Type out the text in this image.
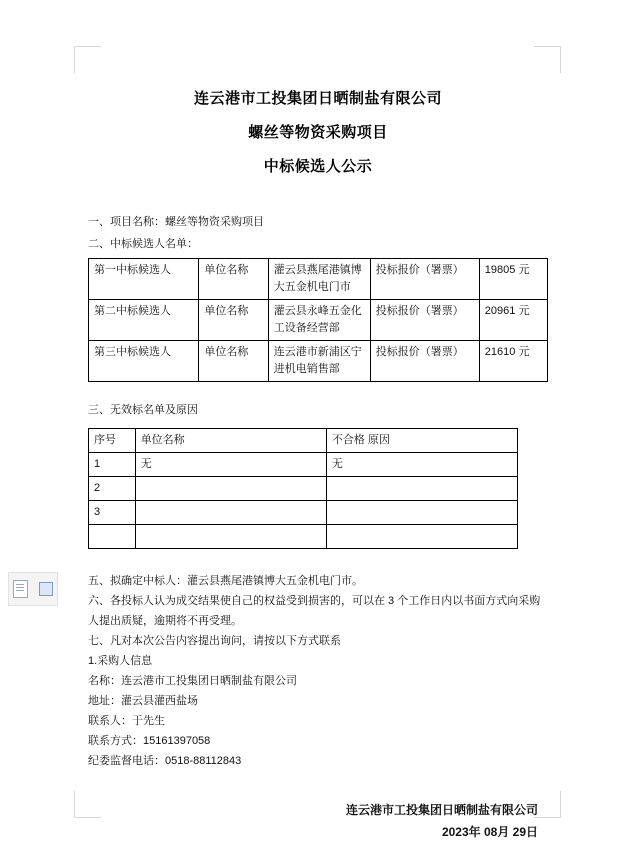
连云港市工投集团日晒制盐有限公司
螺丝等物资采购项目
中标候选人公示

一、项目名称：螺丝等物资采购项目

二、中标候选人名单：

第一中标候选人	单位名称	灌云县燕尾港镇博大五金机电门市	投标报价（署票）	19805 元
第二中标候选人	单位名称	灌云县永峰五金化工设备经营部	投标报价（署票）	20961 元
第三中标候选人	单位名称	连云港市新浦区宁进机电销售部	投标报价（署票）	21610 元

三、无效标名单及原因

序号	单位名称	不合格 原因
1	无	无
2		
3		

五、拟确定中标人：灌云县燕尾港镇博大五金机电门市。

六、各投标人认为成交结果使自己的权益受到损害的，可以在 3 个工作日内以书面方式向采购人提出质疑，逾期将不再受理。

七、凡对本次公告内容提出询问，请按以下方式联系

1.采购人信息

名称：连云港市工投集团日晒制盐有限公司

地址：灌云县灌西盐场

联系人：于先生

联系方式：15161397058

纪委监督电话：0518-88112843

连云港市工投集团日晒制盐有限公司
2023年 08月 29日
